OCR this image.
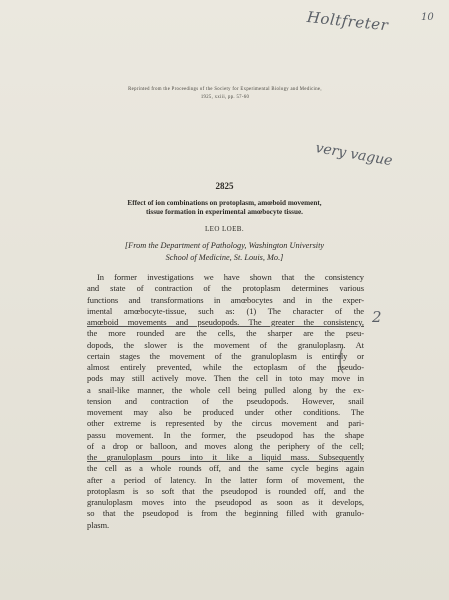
Holtfreter	10
very vague
2
(
Reprinted from the Proceedings of the Society for Experimental Biology and Medicine,
1925, xxiii, pp. 57-60
2825
Effect of ion combinations on protoplasm, amœboid movement,
tissue formation in experimental amœbocyte tissue.
LEO LOEB.
[From the Department of Pathology, Washington University
School of Medicine, St. Louis, Mo.]
In former investigations we have shown that the consistency
and state of contraction of the protoplasm determines various
functions and transformations in amœbocytes and in the exper-
imental amœbocyte-tissue, such as: (1) The character of the
amœboid movements and pseudopods. The greater the consistency,
the more rounded are the cells, the sharper are the pseu-
dopods, the slower is the movement of the granuloplasm. At
certain stages the movement of the granuloplasm is entirely or
almost entirely prevented, while the ectoplasm of the pseudo-
pods may still actively move. Then the cell in toto may move in
a snail-like manner, the whole cell being pulled along by the ex-
tension and contraction of the pseudopods. However, snail
movement may also be produced under other conditions. The
other extreme is represented by the circus movement and pari-
passu movement. In the former, the pseudopod has the shape
of a drop or balloon, and moves along the periphery of the cell;
the granuloplasm pours into it like a liquid mass. Subsequently
the cell as a whole rounds off, and the same cycle begins again
after a period of latency. In the latter form of movement, the
protoplasm is so soft that the pseudopod is rounded off, and the
granuloplasm moves into the pseudopod as soon as it develops,
so that the pseudopod is from the beginning filled with granulo-
plasm.
